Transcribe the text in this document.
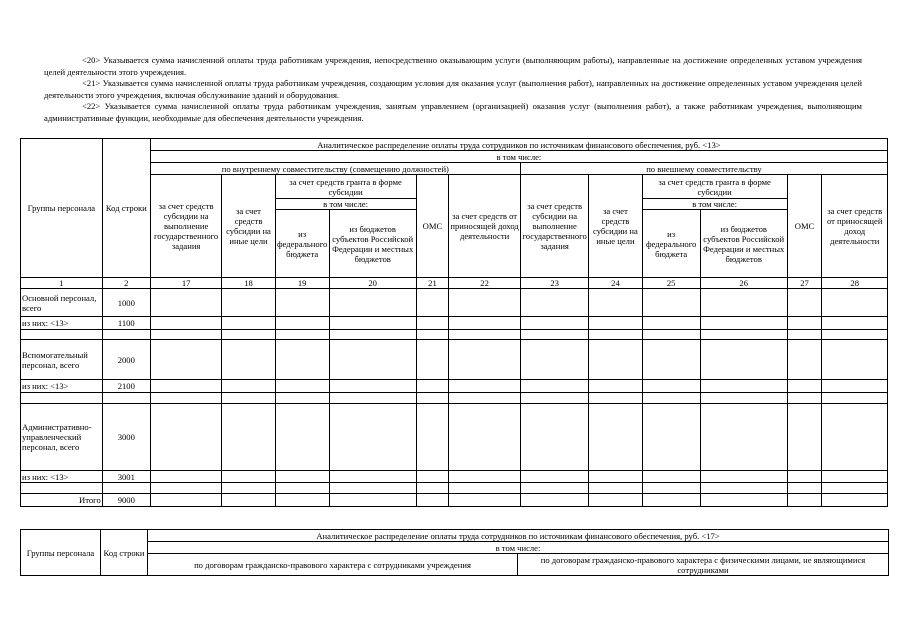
<20> Указывается сумма начисленной оплаты труда работникам учреждения, непосредственно оказывающим услуги (выполняющим работы), направленные на достижение определенных уставом учреждения целей деятельности этого учреждения.

<21> Указывается сумма начисленной оплаты труда работникам учреждения, создающим условия для оказания услуг (выполнения работ), направленных на достижение определенных уставом учреждения целей деятельности этого учреждения, включая обслуживание зданий и оборудования.

<22> Указывается сумма начисленной оплаты труда работникам учреждения, занятым управлением (организацией) оказания услуг (выполнения работ), а также работникам учреждения, выполняющим административные функции, необходимые для обеспечения деятельности учреждения.

Группы персонала	Код строки	Аналитическое распределение оплаты труда сотрудников по источникам финансового обеспечения, руб. <13>											
		в том числе:											
		по внутреннему совместительству (совмещению должностей)						по внешнему совместительству					
		за счет средств субсидии на выполнение государственного задания	за счет средств субсидии на иные цели	за счет средств гранта в форме субсидии		ОМС	за счет средств от приносящей доход деятельности	за счет средств субсидии на выполнение государственного задания	за счет средств субсидии на иные цели	за счет средств гранта в форме субсидии		ОМС	за счет средств от приносящей доход деятельности
				в том числе:						в том числе:			
				из федерального бюджета	из бюджетов субъектов Российской Федерации и местных бюджетов					из федерального бюджета	из бюджетов субъектов Российской Федерации и местных бюджетов		
1	2	17	18	19	20	21	22	23	24	25	26	27	28
Основной персонал, всего	1000												
из них: <13>	1100												

Вспомогательный персонал, всего	2000												
из них: <13>	2100												

Административно-управленческий персонал, всего	3000												
из них: <13>	3001												

Итого	9000												
Группы персонала	Код строки	Аналитическое распределение оплаты труда сотрудников по источникам финансового обеспечения, руб. <17>	
		в том числе:	
		по договорам гражданско-правового характера с сотрудниками учреждения	по договорам гражданско-правового характера с физическими лицами, не являющимися сотрудниками
